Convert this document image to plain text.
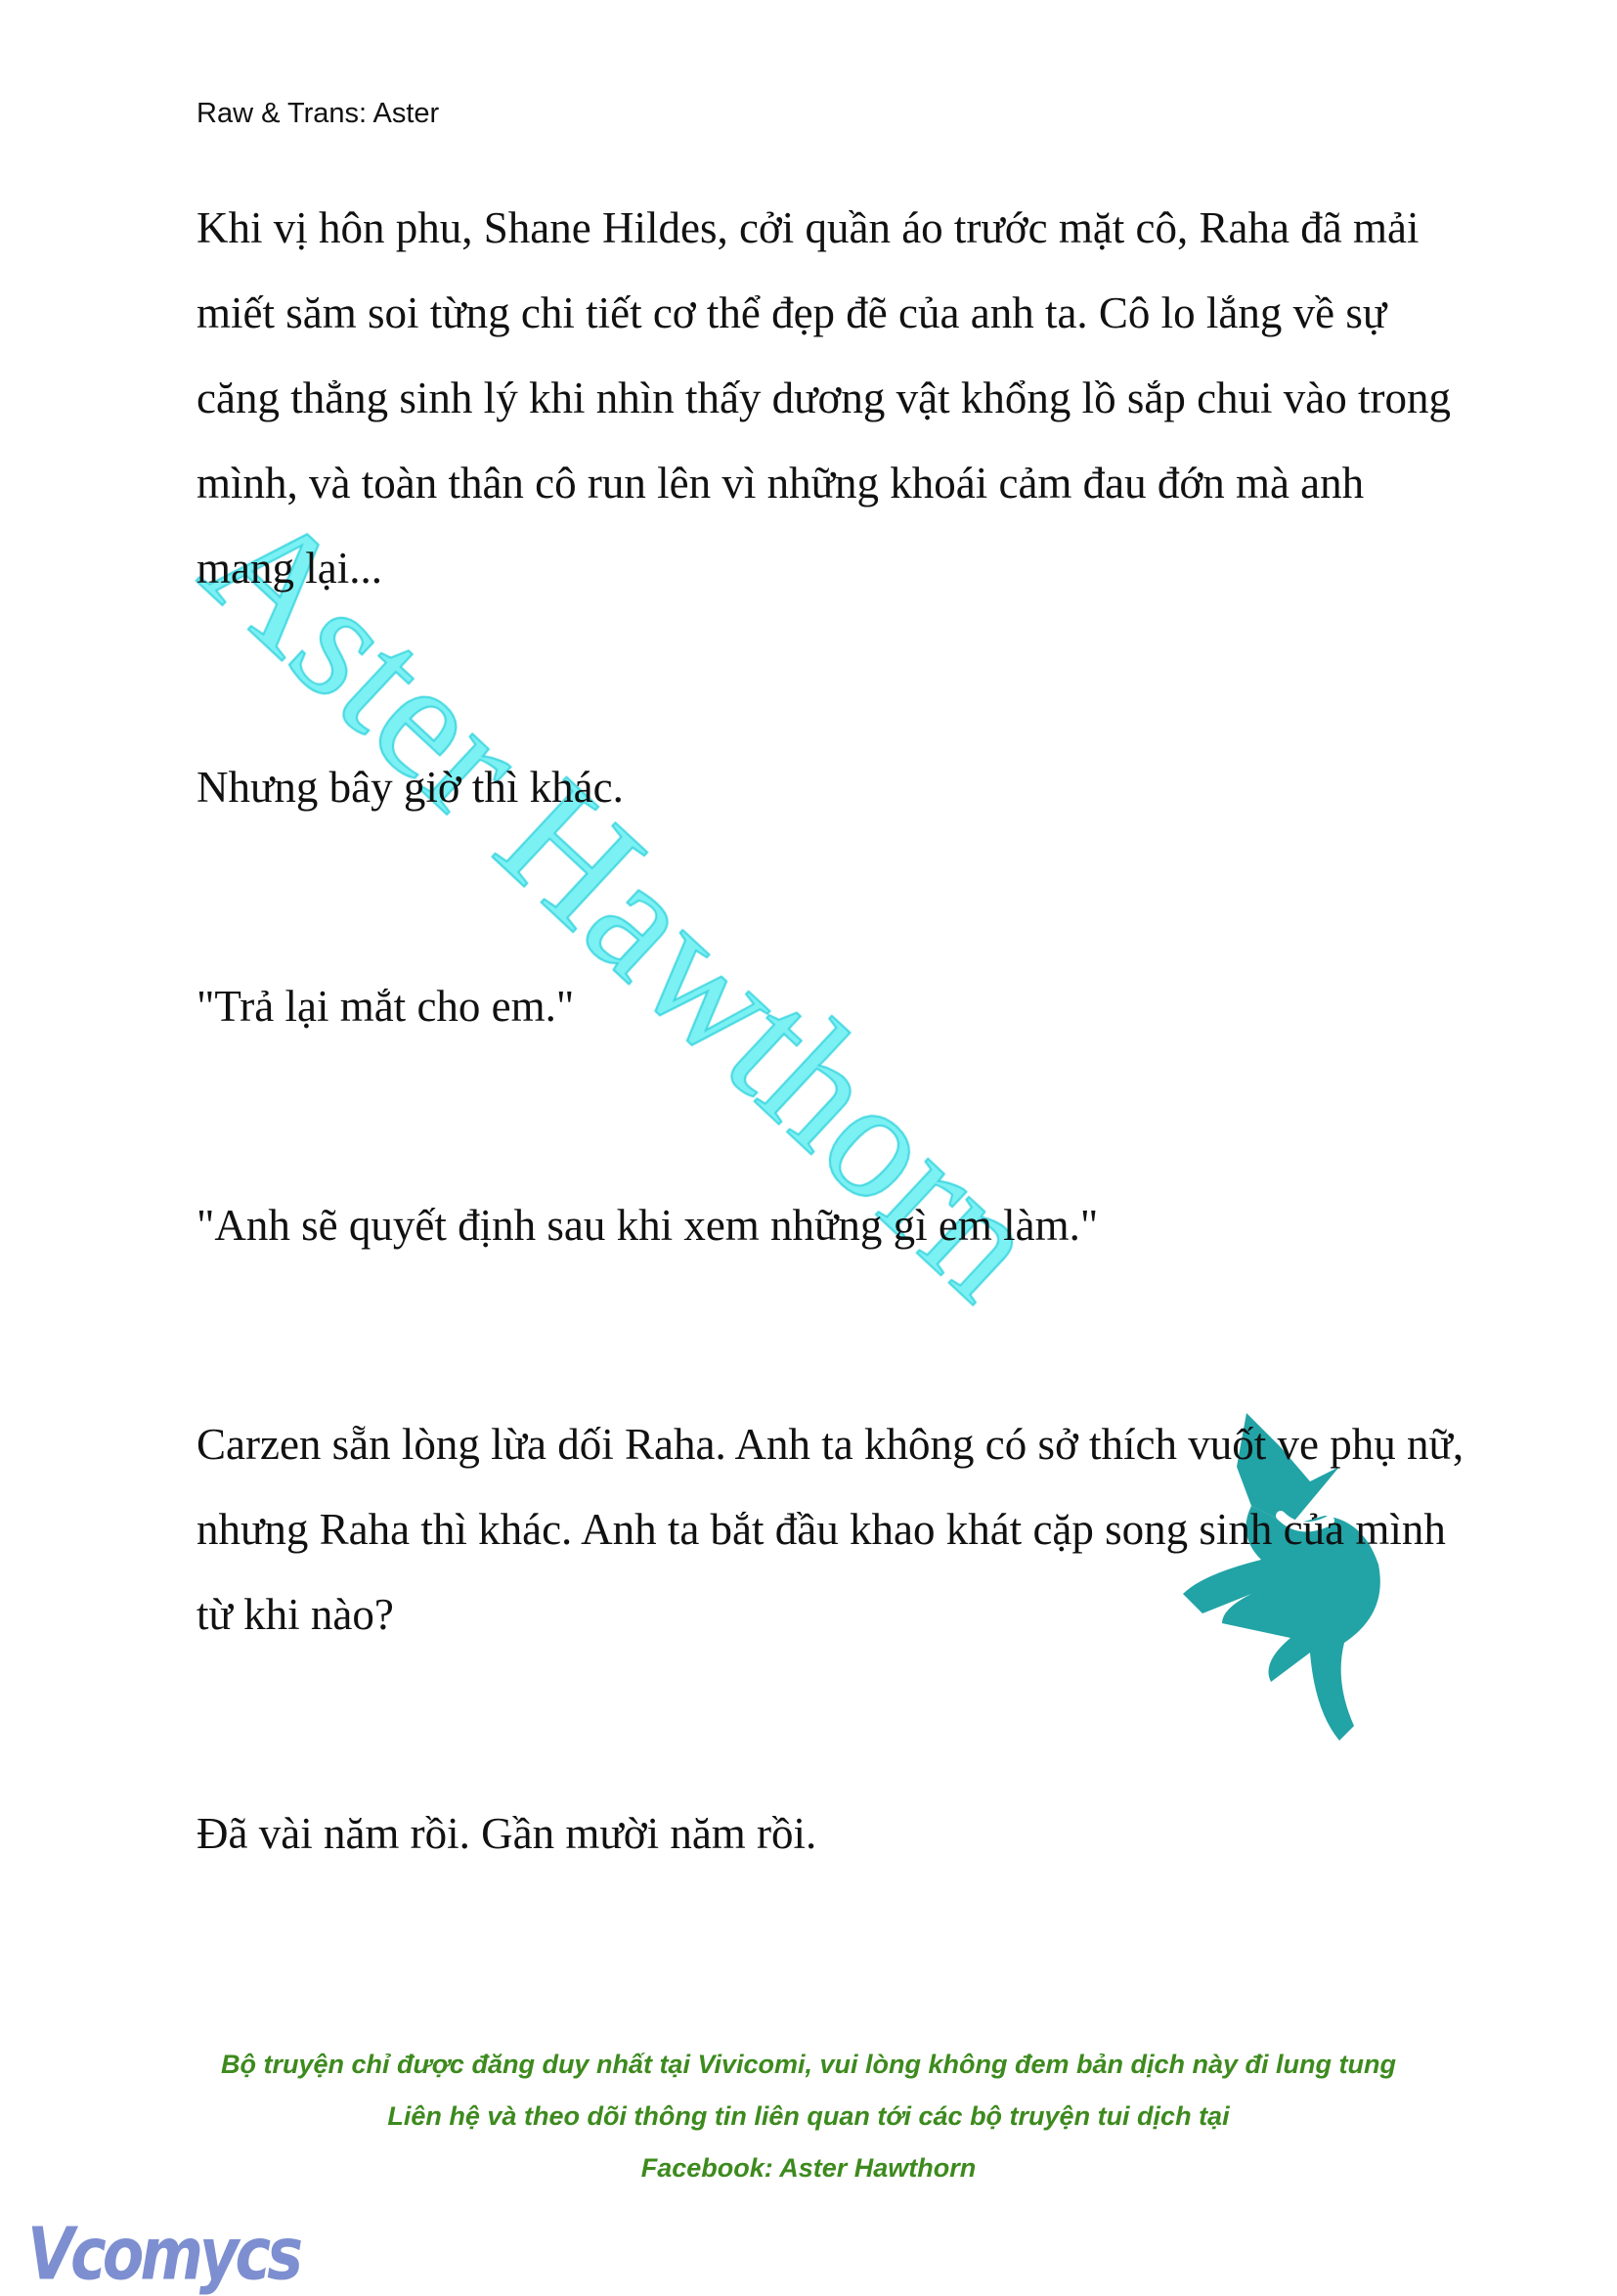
Raw & Trans: Aster

Khi vị hôn phu, Shane Hildes, cởi quần áo trước mặt cô, Raha đã mải miết săm soi từng chi tiết cơ thể đẹp đẽ của anh ta. Cô lo lắng về sự căng thẳng sinh lý khi nhìn thấy dương vật khổng lồ sắp chui vào trong mình, và toàn thân cô run lên vì những khoái cảm đau đớn mà anh mang lại...

Nhưng bây giờ thì khác.

"Trả lại mắt cho em."

"Anh sẽ quyết định sau khi xem những gì em làm."

Carzen sẵn lòng lừa dối Raha. Anh ta không có sở thích vuốt ve phụ nữ, nhưng Raha thì khác. Anh ta bắt đầu khao khát cặp song sinh của mình từ khi nào?

Đã vài năm rồi. Gần mười năm rồi.

Bộ truyện chỉ được đăng duy nhất tại Vivicomi, vui lòng không đem bản dịch này đi lung tung
Liên hệ và theo dõi thông tin liên quan tới các bộ truyện tui dịch tại
Facebook: Aster Hawthorn
Vcomycs
